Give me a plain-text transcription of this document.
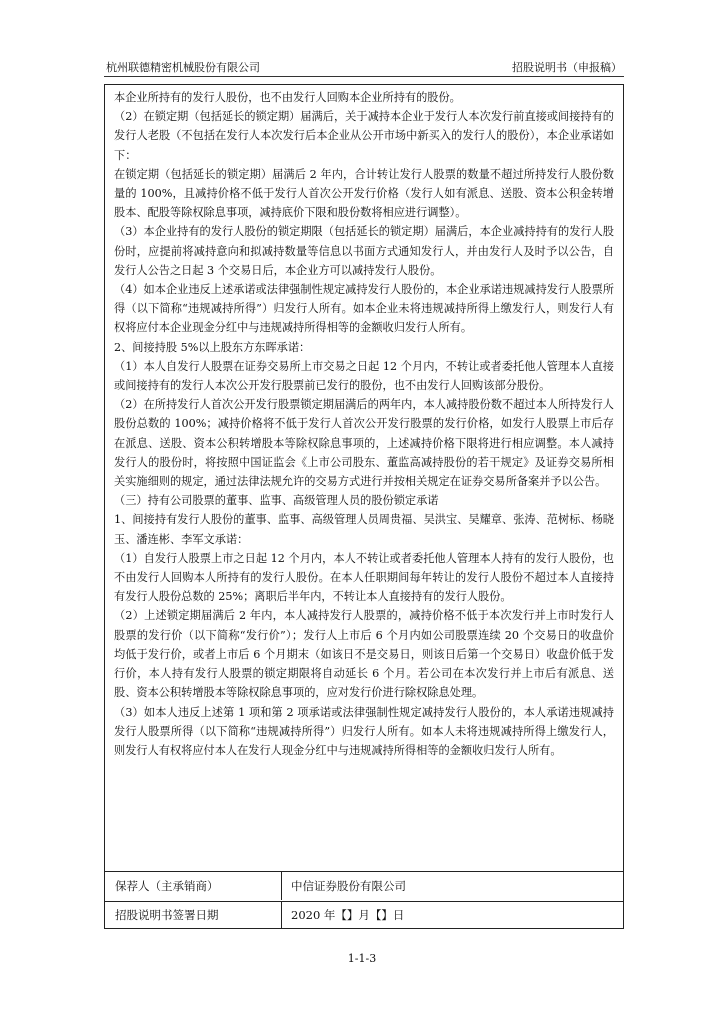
杭州联德精密机械股份有限公司	招股说明书（申报稿）

本企业所持有的发行人股份，也不由发行人回购本企业所持有的股份。

（2）在锁定期（包括延长的锁定期）届满后，关于减持本企业于发行人本次发行前直接或间接持有的发行人老股（不包括在发行人本次发行后本企业从公开市场中新买入的发行人的股份），本企业承诺如下：

在锁定期（包括延长的锁定期）届满后 2 年内，合计转让发行人股票的数量不超过所持发行人股份数量的 100%，且减持价格不低于发行人首次公开发行价格（发行人如有派息、送股、资本公积金转增股本、配股等除权除息事项，减持底价下限和股份数将相应进行调整）。

（3）本企业持有的发行人股份的锁定期限（包括延长的锁定期）届满后，本企业减持持有的发行人股份时，应提前将减持意向和拟减持数量等信息以书面方式通知发行人，并由发行人及时予以公告，自发行人公告之日起 3 个交易日后，本企业方可以减持发行人股份。

（4）如本企业违反上述承诺或法律强制性规定减持发行人股份的，本企业承诺违规减持发行人股票所得（以下简称“违规减持所得”）归发行人所有。如本企业未将违规减持所得上缴发行人，则发行人有权将应付本企业现金分红中与违规减持所得相等的金额收归发行人所有。

2、间接持股 5%以上股东方东晖承诺：

（1）本人自发行人股票在证券交易所上市交易之日起 12 个月内，不转让或者委托他人管理本人直接或间接持有的发行人本次公开发行股票前已发行的股份，也不由发行人回购该部分股份。

（2）在所持发行人首次公开发行股票锁定期届满后的两年内，本人减持股份数不超过本人所持发行人股份总数的 100%；减持价格将不低于发行人首次公开发行股票的发行价格，如发行人股票上市后存在派息、送股、资本公积转增股本等除权除息事项的，上述减持价格下限将进行相应调整。本人减持发行人的股份时，将按照中国证监会《上市公司股东、董监高减持股份的若干规定》及证券交易所相关实施细则的规定，通过法律法规允许的交易方式进行并按相关规定在证券交易所备案并予以公告。

（三）持有公司股票的董事、监事、高级管理人员的股份锁定承诺

1、间接持有发行人股份的董事、监事、高级管理人员周贵福、吴洪宝、吴耀章、张涛、范树标、杨晓玉、潘连彬、李军文承诺：

（1）自发行人股票上市之日起 12 个月内，本人不转让或者委托他人管理本人持有的发行人股份，也不由发行人回购本人所持有的发行人股份。在本人任职期间每年转让的发行人股份不超过本人直接持有发行人股份总数的 25%；离职后半年内，不转让本人直接持有的发行人股份。

（2）上述锁定期届满后 2 年内，本人减持发行人股票的，减持价格不低于本次发行并上市时发行人股票的发行价（以下简称“发行价”）；发行人上市后 6 个月内如公司股票连续 20 个交易日的收盘价均低于发行价，或者上市后 6 个月期末（如该日不是交易日，则该日后第一个交易日）收盘价低于发行价，本人持有发行人股票的锁定期限将自动延长 6 个月。若公司在本次发行并上市后有派息、送股、资本公积转增股本等除权除息事项的，应对发行价进行除权除息处理。

（3）如本人违反上述第 1 项和第 2 项承诺或法律强制性规定减持发行人股份的，本人承诺违规减持发行人股票所得（以下简称“违规减持所得”）归发行人所有。如本人未将违规减持所得上缴发行人，则发行人有权将应付本人在发行人现金分红中与违规减持所得相等的金额收归发行人所有。

保荐人（主承销商）	中信证券股份有限公司
招股说明书签署日期	2020 年【】月【】日
1-1-3
